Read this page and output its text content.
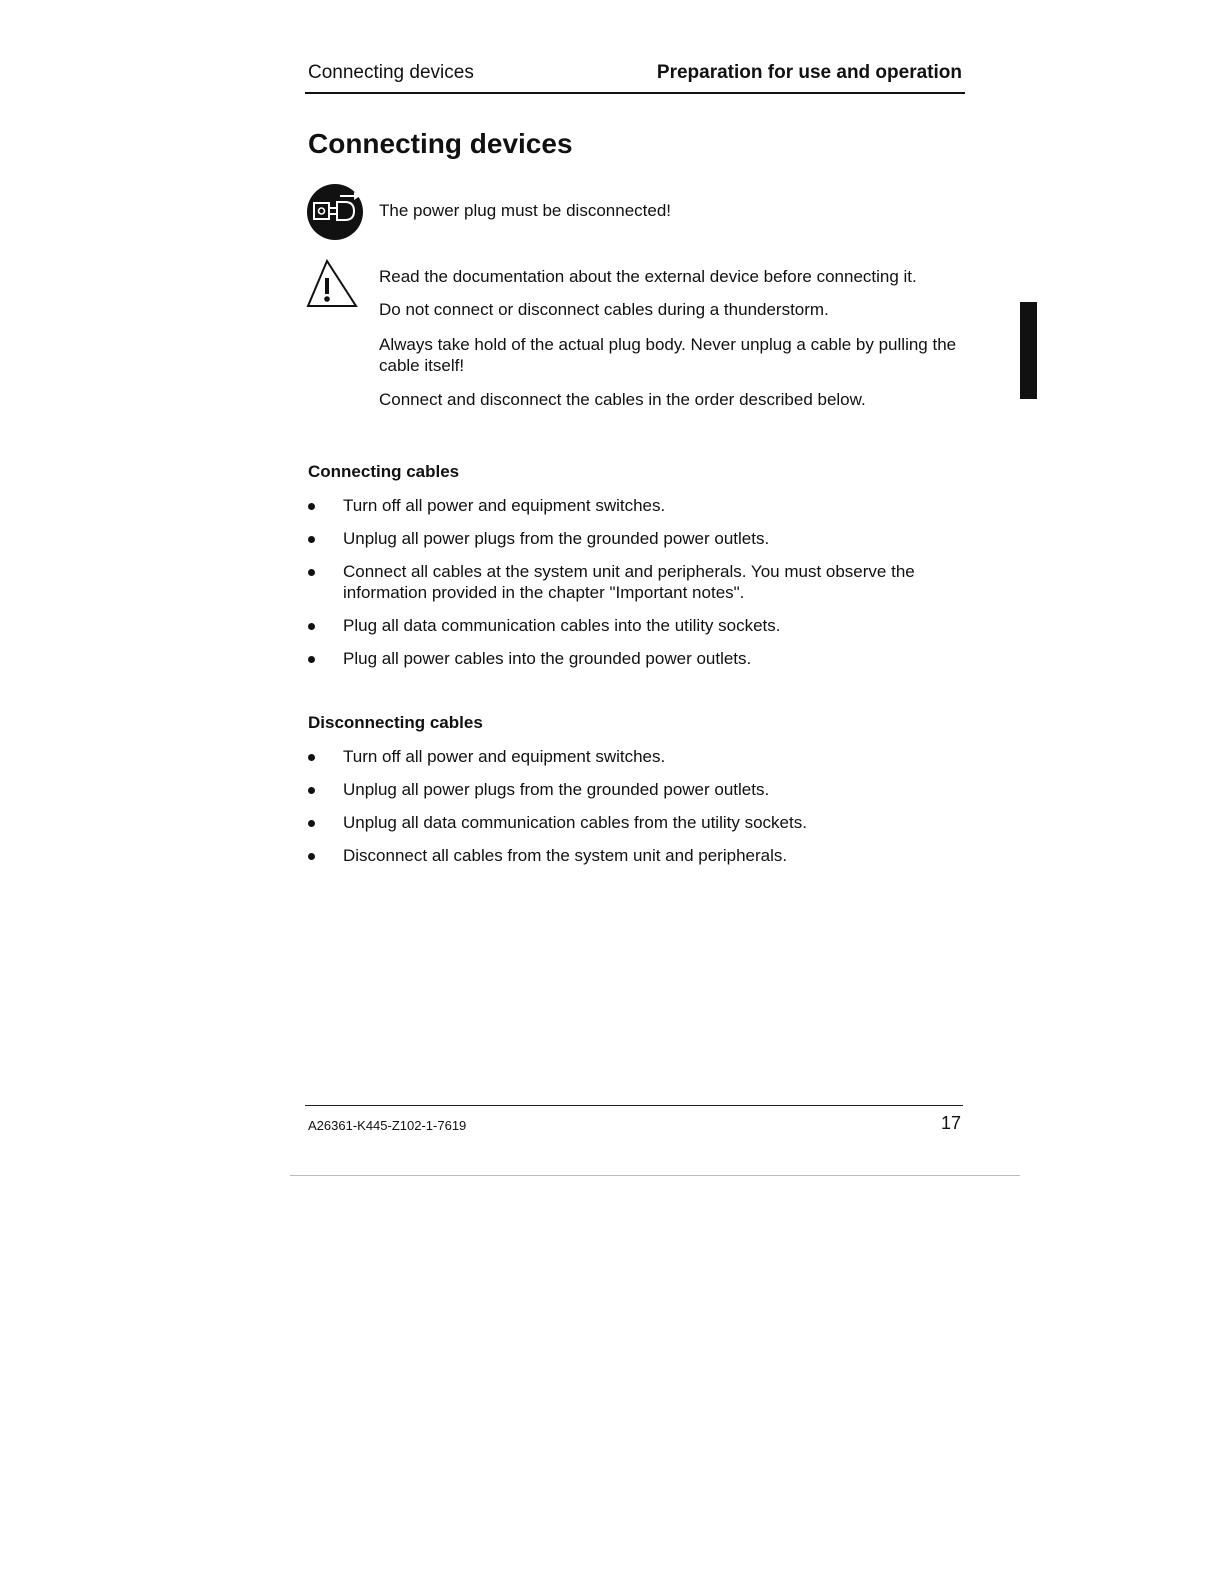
Connecting devices	Preparation for use and operation
Connecting devices
The power plug must be disconnected!
Read the documentation about the external device before connecting it.
Do not connect or disconnect cables during a thunderstorm.
Always take hold of the actual plug body. Never unplug a cable by pulling the cable itself!
Connect and disconnect the cables in the order described below.
Connecting cables
Turn off all power and equipment switches.
Unplug all power plugs from the grounded power outlets.
Connect all cables at the system unit and peripherals. You must observe the information provided in the chapter "Important notes".
Plug all data communication cables into the utility sockets.
Plug all power cables into the grounded power outlets.
Disconnecting cables
Turn off all power and equipment switches.
Unplug all power plugs from the grounded power outlets.
Unplug all data communication cables from the utility sockets.
Disconnect all cables from the system unit and peripherals.
A26361-K445-Z102-1-7619	17
